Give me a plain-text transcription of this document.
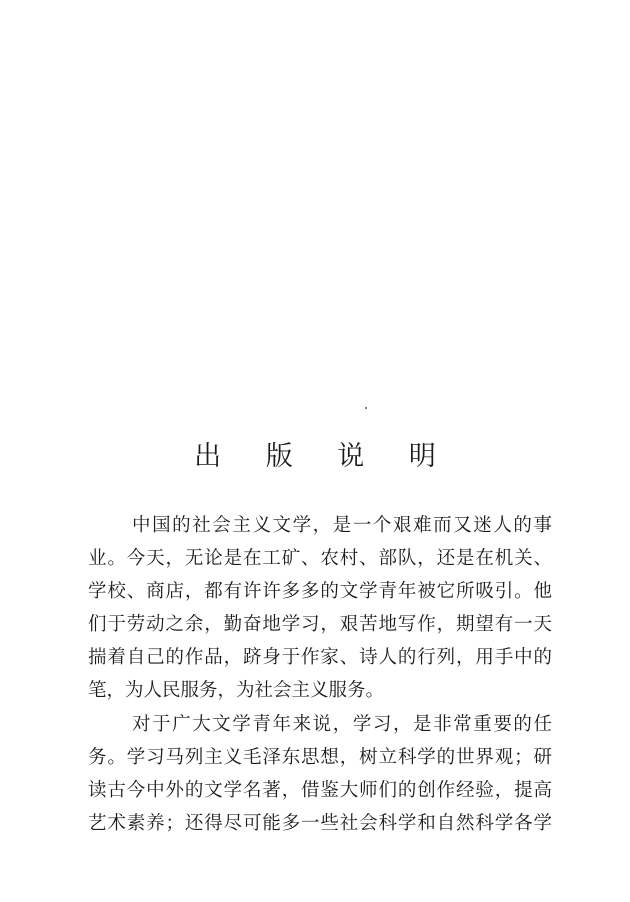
出 版 说 明
中国的社会主义文学，是一个艰难而又迷人的事
业。今天，无论是在工矿、农村、部队，还是在机关、
学校、商店，都有许许多多的文学青年被它所吸引。他
们于劳动之余，勤奋地学习，艰苦地写作，期望有一天
揣着自己的作品，跻身于作家、诗人的行列，用手中的
笔，为人民服务，为社会主义服务。
对于广大文学青年来说，学习，是非常重要的任
务。学习马列主义毛泽东思想，树立科学的世界观；研
读古今中外的文学名著，借鉴大师们的创作经验，提高
艺术素养；还得尽可能多一些社会科学和自然科学各学
